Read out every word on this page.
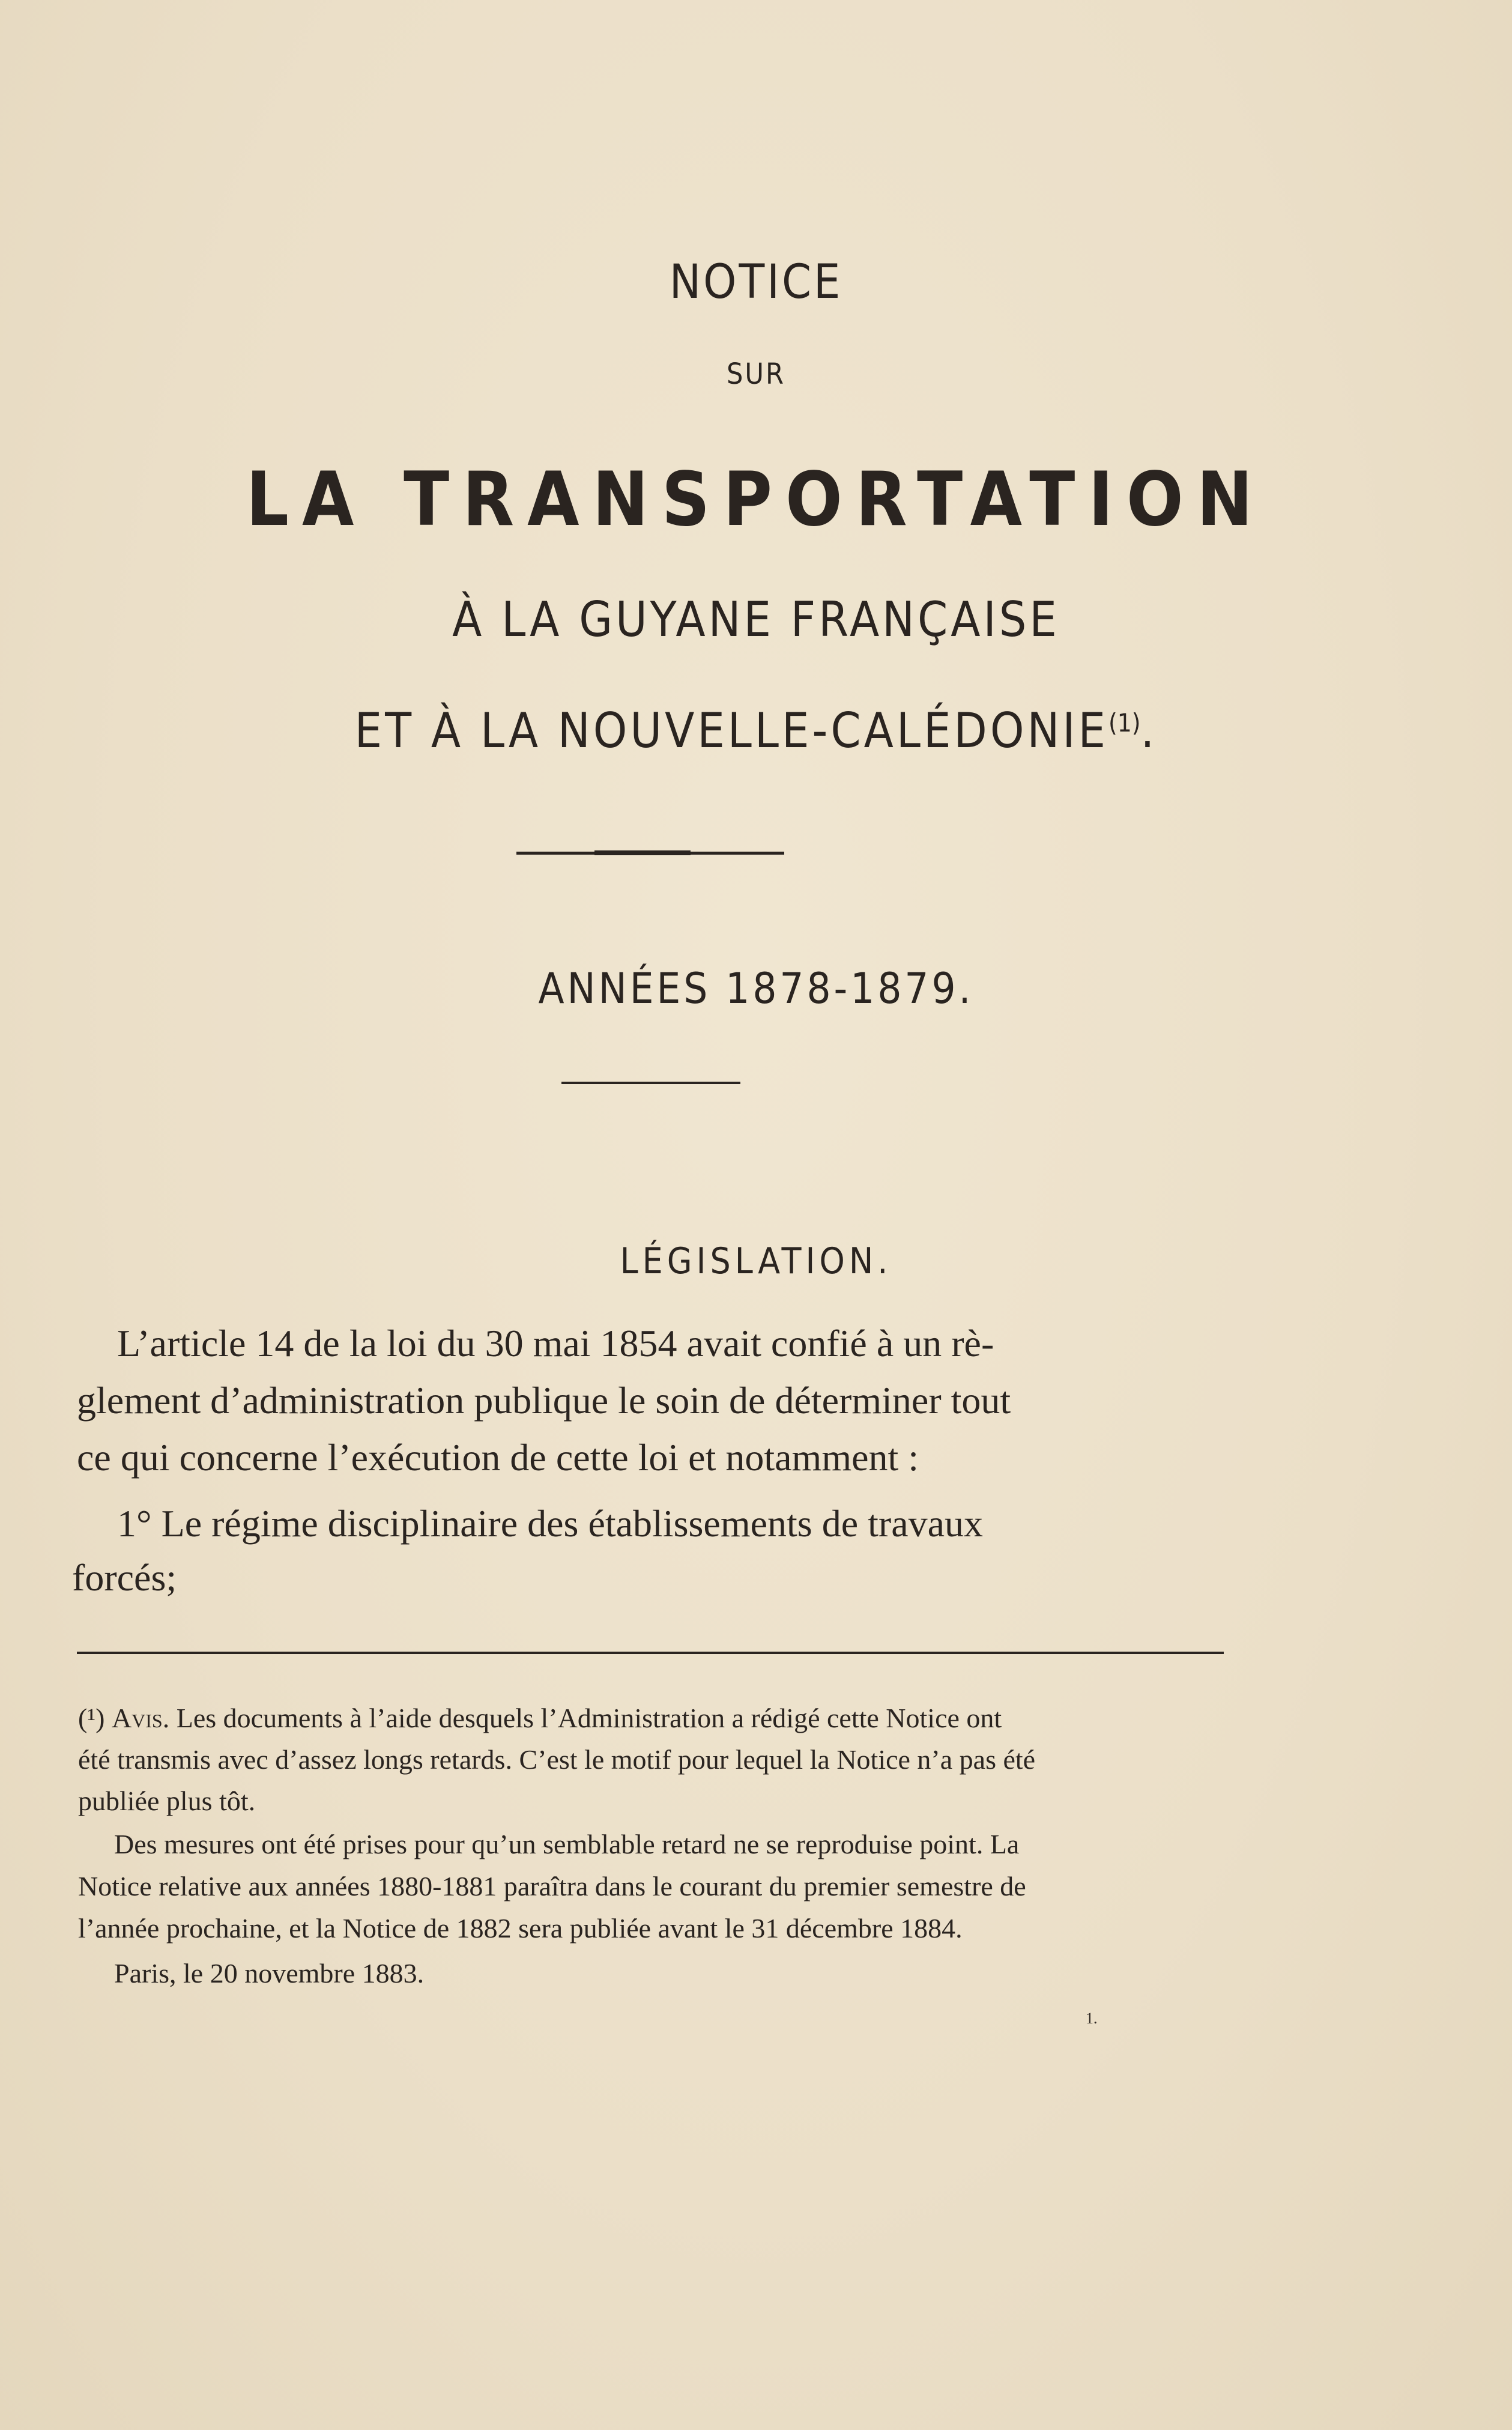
NOTICE
SUR
LA TRANSPORTATION
À LA GUYANE FRANÇAISE
ET À LA NOUVELLE-CALÉDONIE$^{(1)}$.
ANNÉES 1878-1879.
LÉGISLATION.
L’article 14 de la loi du 30 mai 1854 avait confié à un rè-
glement d’administration publique le soin de déterminer tout
ce qui concerne l’exécution de cette loi et notamment :
1° Le régime disciplinaire des établissements de travaux
forcés;
(¹) Avis. Les documents à l’aide desquels l’Administration a rédigé cette Notice ont
été transmis avec d’assez longs retards. C’est le motif pour lequel la Notice n’a pas été
publiée plus tôt.
Des mesures ont été prises pour qu’un semblable retard ne se reproduise point. La
Notice relative aux années 1880-1881 paraîtra dans le courant du premier semestre de
l’année prochaine, et la Notice de 1882 sera publiée avant le 31 décembre 1884.
Paris, le 20 novembre 1883.
1.
